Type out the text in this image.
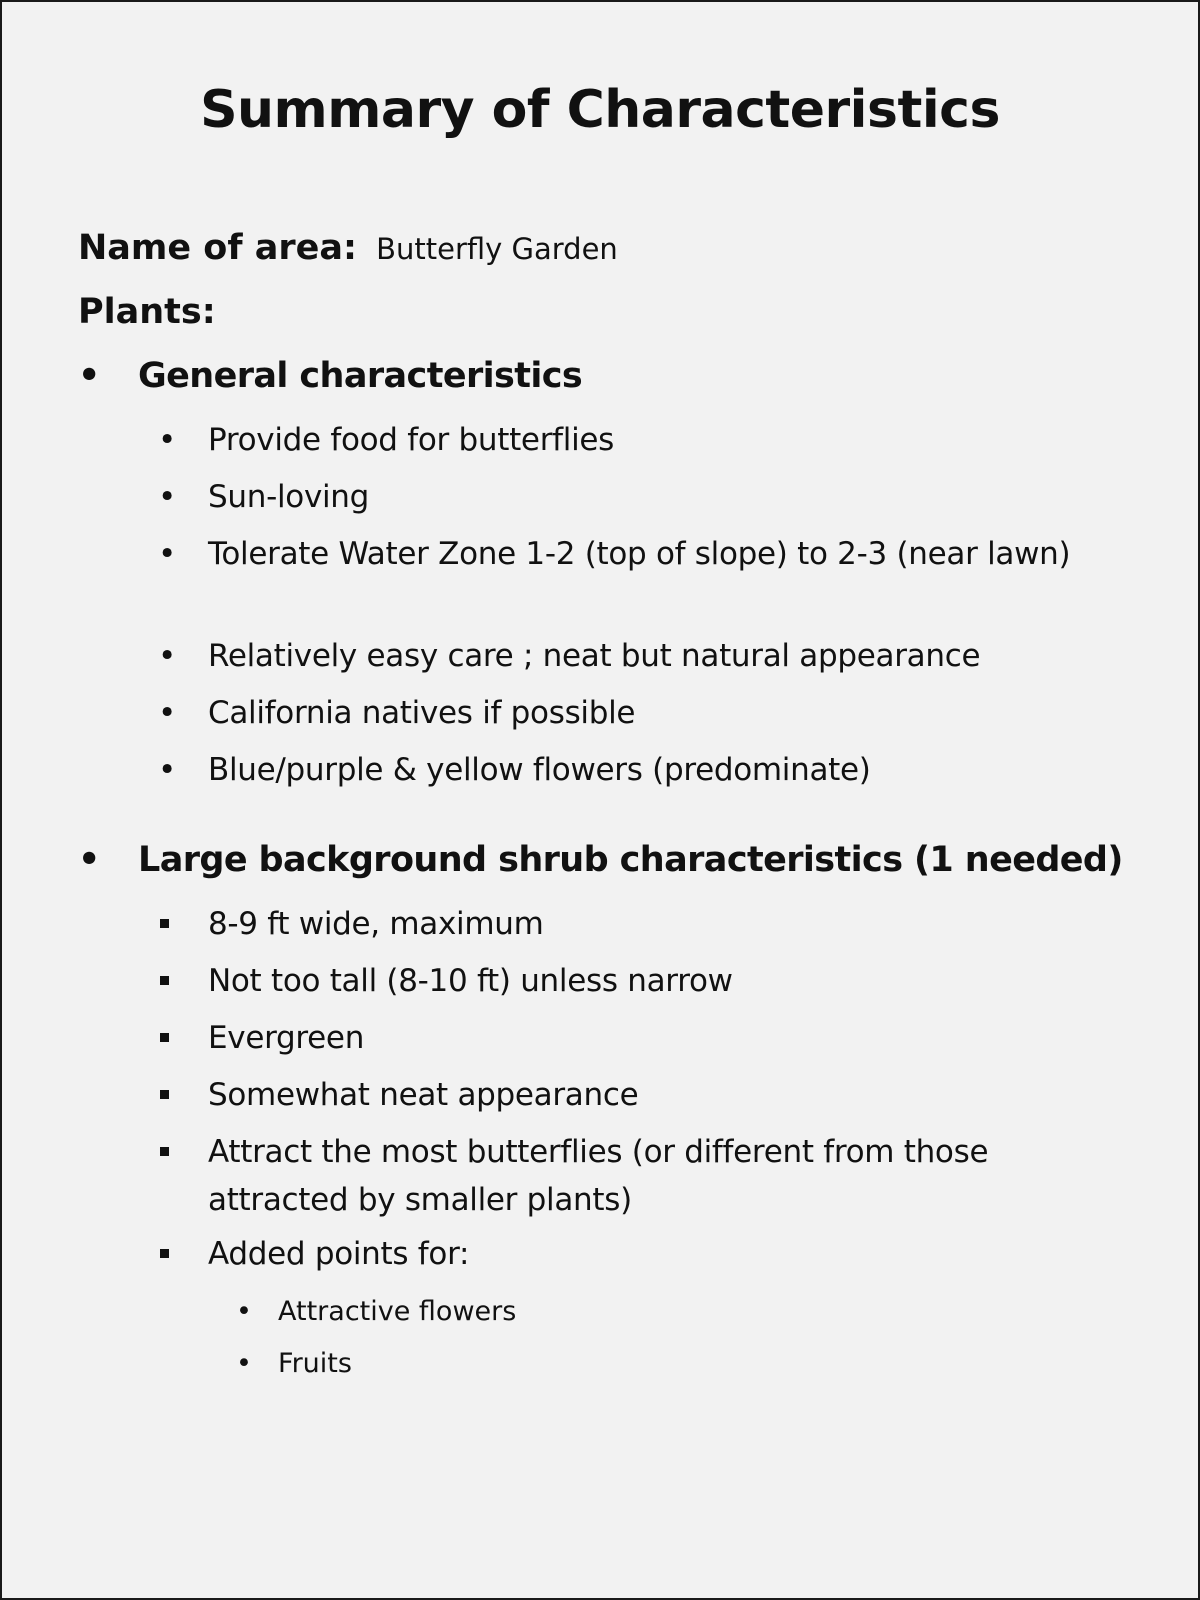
Summary of Characteristics
Name of area: Butterfly Garden
Plants:
• General characteristics
•	Provide food for butterflies
•	Sun-loving
•	Tolerate Water Zone 1-2 (top of slope) to 2-3 (near lawn)
•	Relatively easy care ; neat but natural appearance
•	California natives if possible
•	Blue/purple & yellow flowers (predominate)
• Large background shrub characteristics (1 needed)
8-9 ft wide, maximum
Not too tall (8-10 ft) unless narrow
Evergreen
Somewhat neat appearance
Attract the most butterflies (or different from those attracted by smaller plants)
Added points for:
• Attractive flowers
• Fruits
